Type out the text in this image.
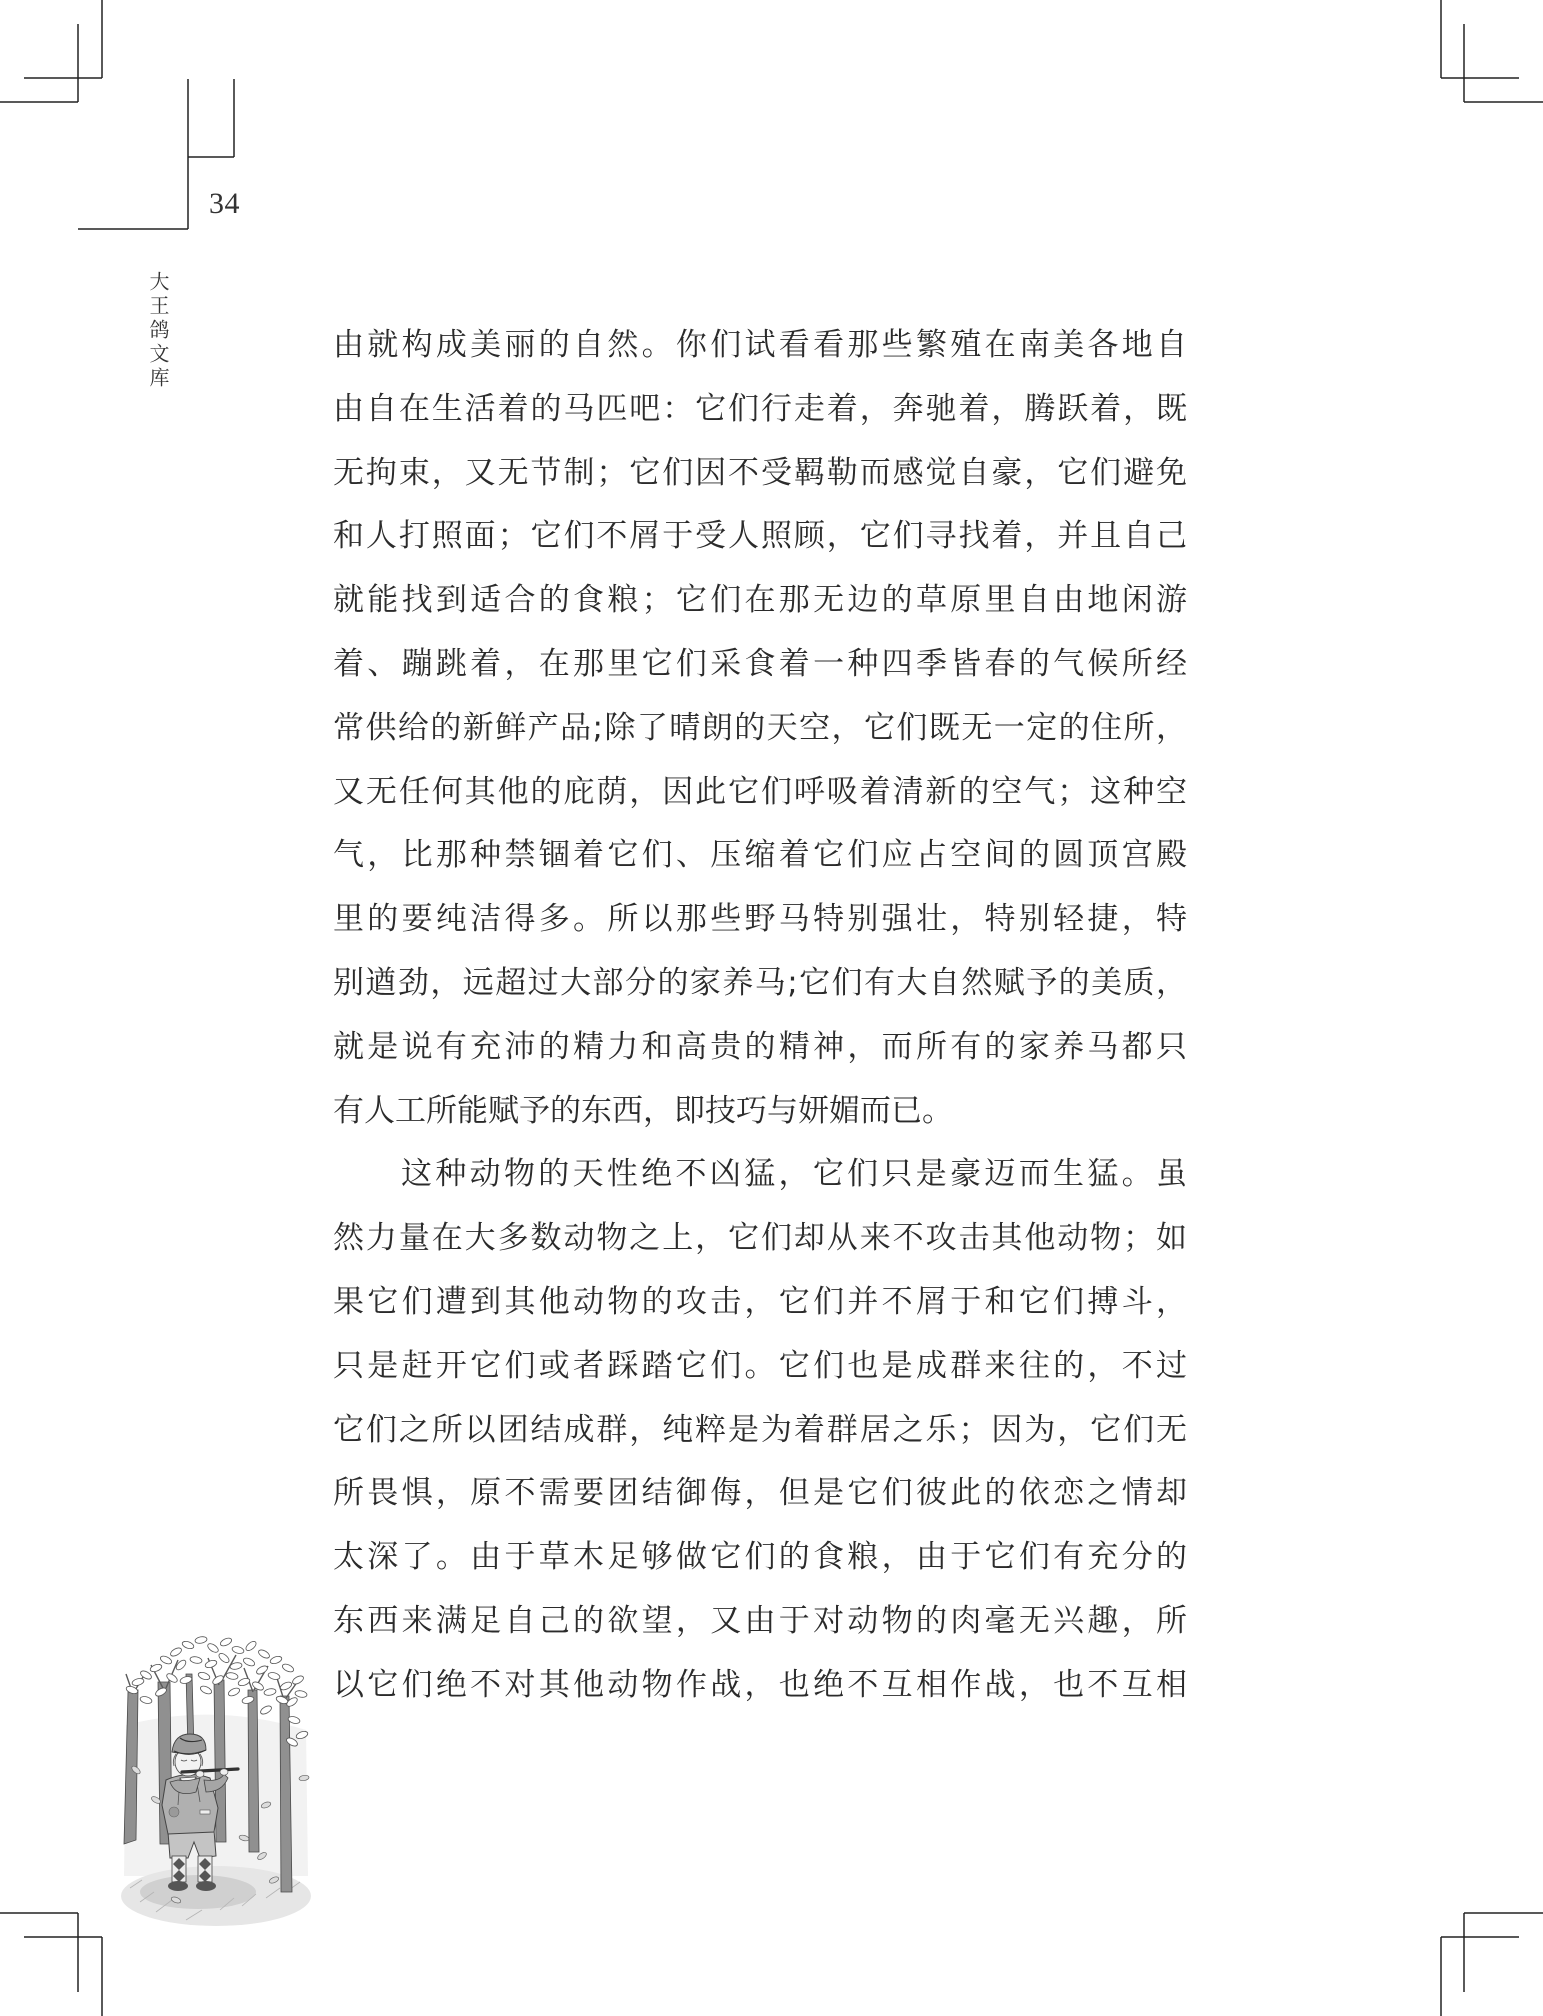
34
大王鸽文库	由就构成美丽的自然。你们试看看那些繁殖在南美各地自
由自在生活着的马匹吧：它们行走着，奔驰着，腾跃着，既
无拘束，又无节制；它们因不受羁勒而感觉自豪，它们避免
和人打照面；它们不屑于受人照顾，它们寻找着，并且自己
就能找到适合的食粮；它们在那无边的草原里自由地闲游
着、蹦跳着，在那里它们采食着一种四季皆春的气候所经
常供给的新鲜产品;除了晴朗的天空，它们既无一定的住所，
又无任何其他的庇荫，因此它们呼吸着清新的空气；这种空
气，比那种禁锢着它们、压缩着它们应占空间的圆顶宫殿
里的要纯洁得多。所以那些野马特别强壮，特别轻捷，特
别遒劲，远超过大部分的家养马;它们有大自然赋予的美质，
就是说有充沛的精力和高贵的精神，而所有的家养马都只
有人工所能赋予的东西，即技巧与妍媚而已。
这种动物的天性绝不凶猛，它们只是豪迈而生猛。虽
然力量在大多数动物之上，它们却从来不攻击其他动物；如
果它们遭到其他动物的攻击，它们并不屑于和它们搏斗，
只是赶开它们或者踩踏它们。它们也是成群来往的，不过
它们之所以团结成群，纯粹是为着群居之乐；因为，它们无
所畏惧，原不需要团结御侮，但是它们彼此的依恋之情却
太深了。由于草木足够做它们的食粮，由于它们有充分的
东西来满足自己的欲望，又由于对动物的肉毫无兴趣，所
以它们绝不对其他动物作战，也绝不互相作战，也不互相
